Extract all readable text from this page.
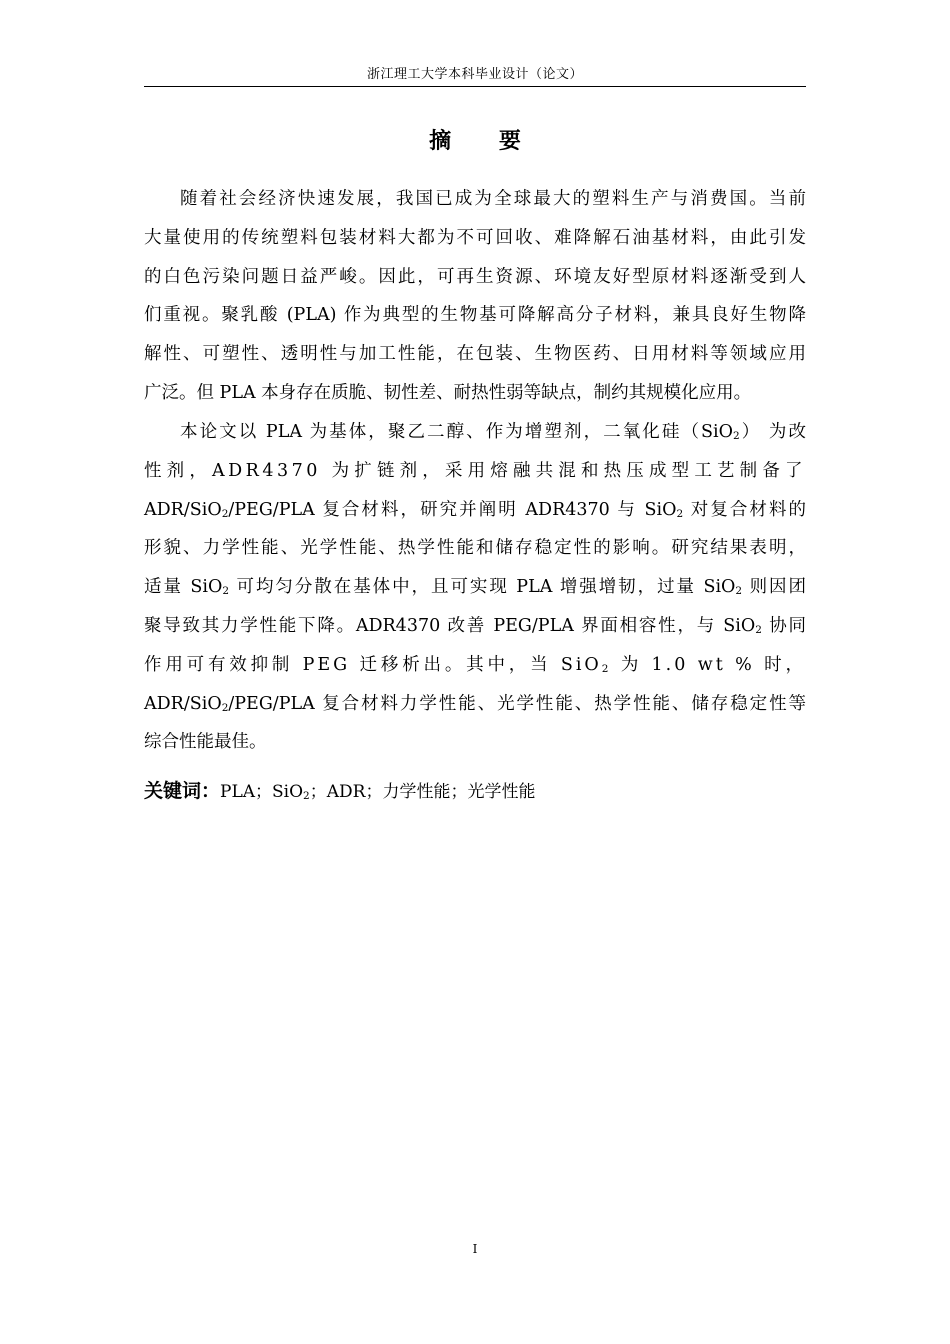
浙江理工大学本科毕业设计（论文）
摘 要
随着社会经济快速发展，我国已成为全球最大的塑料生产与消费国。当前
大量使用的传统塑料包装材料大都为不可回收、难降解石油基材料，由此引发
的白色污染问题日益严峻。因此，可再生资源、环境友好型原材料逐渐受到人
们重视。聚乳酸 (PLA) 作为典型的生物基可降解高分子材料，兼具良好生物降
解性、可塑性、透明性与加工性能，在包装、生物医药、日用材料等领域应用
广泛。但 PLA 本身存在质脆、韧性差、耐热性弱等缺点，制约其规模化应用。
本论文以 PLA 为基体，聚乙二醇、作为增塑剂，二氧化硅（SiO$_2$） 为改
性剂，ADR4370 为扩链剂，采用熔融共混和热压成型工艺制备了
ADR/SiO$_2$/PEG/PLA 复合材料，研究并阐明 ADR4370 与 SiO$_2$ 对复合材料的
形貌、力学性能、光学性能、热学性能和储存稳定性的影响。研究结果表明，
适量 SiO$_2$ 可均匀分散在基体中，且可实现 PLA 增强增韧，过量 SiO$_2$ 则因团
聚导致其力学性能下降。ADR4370 改善 PEG/PLA 界面相容性，与 SiO$_2$ 协同
作用可有效抑制 PEG 迁移析出。其中，当 SiO$_2$ 为 1.0 wt % 时，
ADR/SiO$_2$/PEG/PLA 复合材料力学性能、光学性能、热学性能、储存稳定性等
综合性能最佳。
关键词：PLA；SiO$_2$；ADR；力学性能；光学性能
I
